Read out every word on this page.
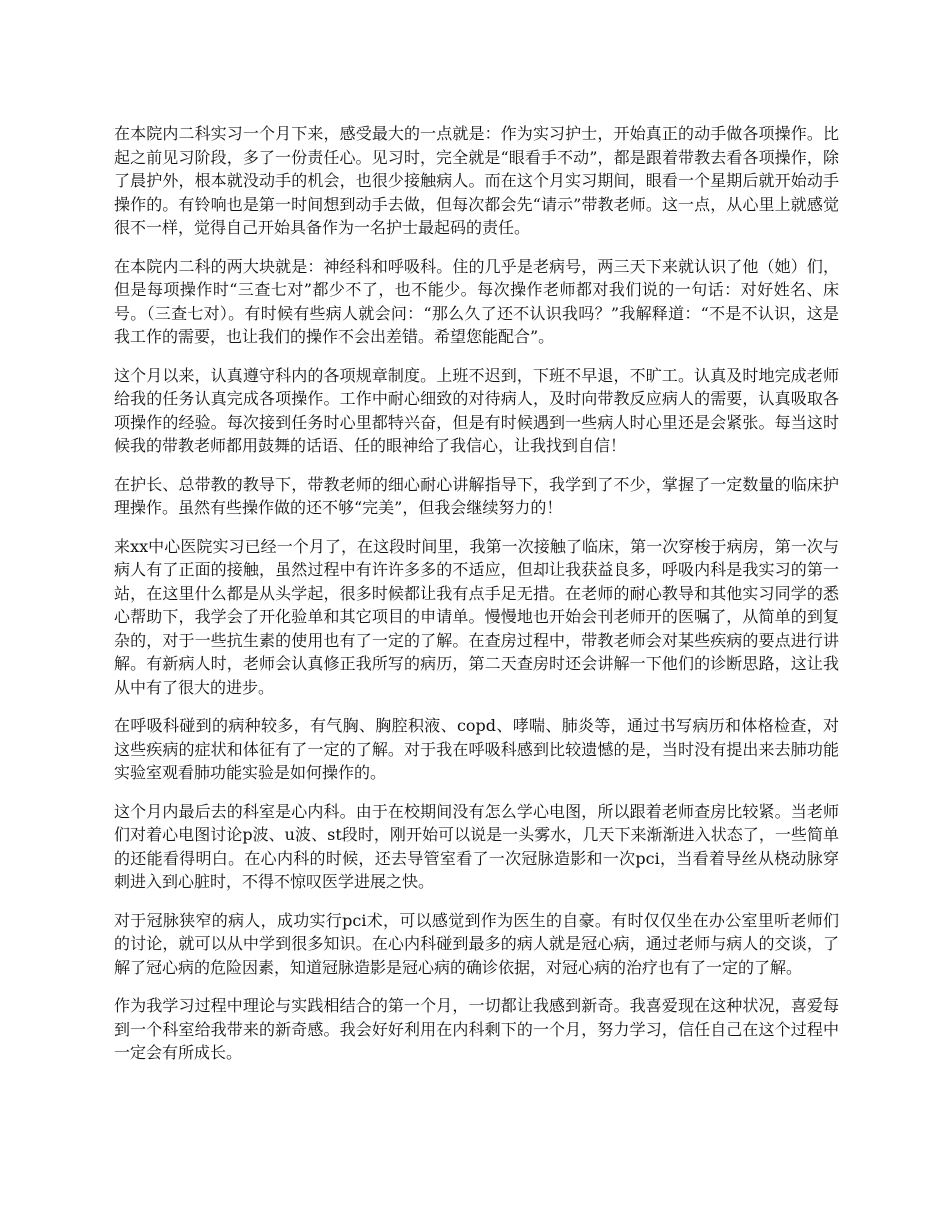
在本院内二科实习一个月下来，感受最大的一点就是：作为实习护士，开始真正的动手做各项操作。比起之前见习阶段，多了一份责任心。见习时，完全就是“眼看手不动”，都是跟着带教去看各项操作，除了晨护外，根本就没动手的机会，也很少接触病人。而在这个月实习期间，眼看一个星期后就开始动手操作的。有铃响也是第一时间想到动手去做，但每次都会先“请示”带教老师。这一点，从心里上就感觉很不一样，觉得自己开始具备作为一名护士最起码的责任。

在本院内二科的两大块就是：神经科和呼吸科。住的几乎是老病号，两三天下来就认识了他（她）们，但是每项操作时“三查七对”都少不了，也不能少。每次操作老师都对我们说的一句话：对好姓名、床号。（三查七对）。有时候有些病人就会问：“那么久了还不认识我吗？”我解释道：“不是不认识，这是我工作的需要，也让我们的操作不会出差错。希望您能配合”。

这个月以来，认真遵守科内的各项规章制度。上班不迟到，下班不早退，不旷工。认真及时地完成老师给我的任务认真完成各项操作。工作中耐心细致的对待病人，及时向带教反应病人的需要，认真吸取各项操作的经验。每次接到任务时心里都特兴奋，但是有时候遇到一些病人时心里还是会紧张。每当这时候我的带教老师都用鼓舞的话语、任的眼神给了我信心，让我找到自信！

在护长、总带教的教导下，带教老师的细心耐心讲解指导下，我学到了不少，掌握了一定数量的临床护理操作。虽然有些操作做的还不够“完美”，但我会继续努力的！

来xx中心医院实习已经一个月了，在这段时间里，我第一次接触了临床，第一次穿梭于病房，第一次与病人有了正面的接触，虽然过程中有许许多多的不适应，但却让我获益良多，呼吸内科是我实习的第一站，在这里什么都是从头学起，很多时候都让我有点手足无措。在老师的耐心教导和其他实习同学的悉心帮助下，我学会了开化验单和其它项目的申请单。慢慢地也开始会刊老师开的医嘱了，从简单的到复杂的，对于一些抗生素的使用也有了一定的了解。在查房过程中，带教老师会对某些疾病的要点进行讲解。有新病人时，老师会认真修正我所写的病历，第二天查房时还会讲解一下他们的诊断思路，这让我从中有了很大的进步。

在呼吸科碰到的病种较多，有气胸、胸腔积液、copd、哮喘、肺炎等，通过书写病历和体格检查，对这些疾病的症状和体征有了一定的了解。对于我在呼吸科感到比较遗憾的是，当时没有提出来去肺功能实验室观看肺功能实验是如何操作的。

这个月内最后去的科室是心内科。由于在校期间没有怎么学心电图，所以跟着老师查房比较紧。当老师们对着心电图讨论p波、u波、st段时，刚开始可以说是一头雾水，几天下来渐渐进入状态了，一些简单的还能看得明白。在心内科的时候，还去导管室看了一次冠脉造影和一次pci，当看着导丝从桡动脉穿刺进入到心脏时，不得不惊叹医学进展之快。

对于冠脉狭窄的病人，成功实行pci术，可以感觉到作为医生的自豪。有时仅仅坐在办公室里听老师们的讨论，就可以从中学到很多知识。在心内科碰到最多的病人就是冠心病，通过老师与病人的交谈，了解了冠心病的危险因素，知道冠脉造影是冠心病的确诊依据，对冠心病的治疗也有了一定的了解。

作为我学习过程中理论与实践相结合的第一个月，一切都让我感到新奇。我喜爱现在这种状况，喜爱每到一个科室给我带来的新奇感。我会好好利用在内科剩下的一个月，努力学习，信任自己在这个过程中一定会有所成长。
